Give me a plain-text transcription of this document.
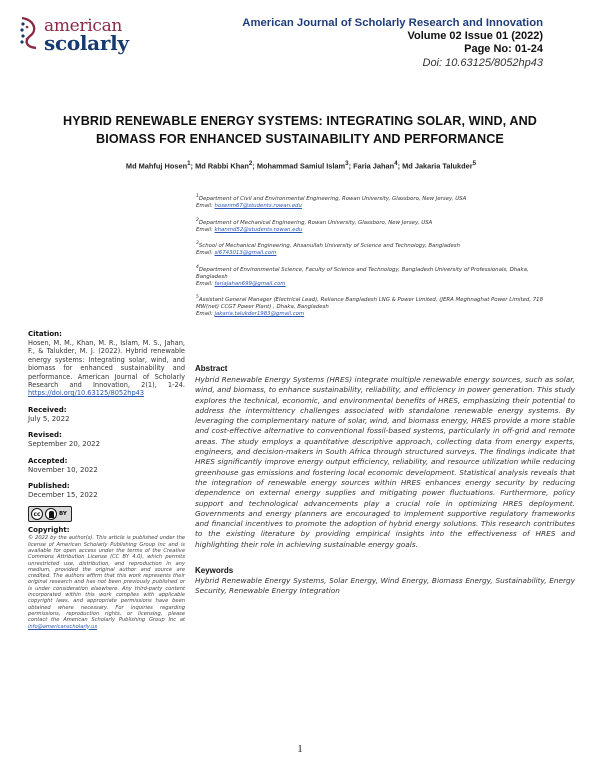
american
scolarly
American Journal of Scholarly Research and Innovation
Volume 02 Issue 01 (2022)
Page No: 01-24
Doi: 10.63125/8052hp43
HYBRID RENEWABLE ENERGY SYSTEMS: INTEGRATING SOLAR, WIND, AND BIOMASS FOR ENHANCED SUSTAINABILITY AND PERFORMANCE
Md Mahfuj Hosen$^1$; Md Rabbi Khan$^2$; Mohammad Samiul Islam$^3$; Faria Jahan$^4$; Md Jakaria Talukder$^5$
$^1$Department of Civil and Environmental Engineering, Rowan University, Glassboro, New Jersey, USA
Email: hosenm67@students.rowan.edu
$^2$Department of Mechanical Engineering, Rowan University, Glassboro, New Jersey, USA
Email: khanmd52@students.rowan.edu
$^3$School of Mechanical Engineering, Ahsanullah University of Science and Technology, Bangladesh
Email: si6743013@gmail.com
$^4$Department of Environmental Science, Faculty of Science and Technology, Bangladesh University of Professionals, Dhaka, Bangladesh
Email: fariajahan699@gmail.com
$^5$Assistant General Manager (Electrical Lead), Reliance Bangladesh LNG & Power Limited, (JERA Meghnaghat Power Limited, 718 MW(net) CCGT Power Plant) , Dhaka, Bangladesh
Email: jakaria.talukder1983@gmail.com
Citation:
Hosen, M. M., Khan, M. R., Islam, M. S., Jahan, F., & Talukder, M. J. (2022). Hybrid renewable energy systems: Integrating solar, wind, and biomass for enhanced sustainability and performance. American Journal of Scholarly Research and Innovation, 2(1), 1-24. https://doi.org/10.63125/8052hp43
Received:
July 5, 2022
Revised:
September 20, 2022
Accepted:
November 10, 2022
Published:
December 15, 2022
cc	BY
Copyright:
© 2022 by the author(s). This article is published under the license of American Scholarly Publishing Group Inc and is available for open access under the terms of the Creative Commons Attribution License (CC BY 4.0), which permits unrestricted use, distribution, and reproduction in any medium, provided the original author and source are credited. The authors affirm that this work represents their original research and has not been previously published or is under consideration elsewhere. Any third-party content incorporated within this work complies with applicable copyright laws, and appropriate permissions have been obtained where necessary. For inquiries regarding permissions, reproduction rights, or licensing, please contact the American Scholarly Publishing Group Inc at info@americanscholarly.us
Abstract
Hybrid Renewable Energy Systems (HRES) integrate multiple renewable energy sources, such as solar, wind, and biomass, to enhance sustainability, reliability, and efficiency in power generation. This study explores the technical, economic, and environmental benefits of HRES, emphasizing their potential to address the intermittency challenges associated with standalone renewable energy systems. By leveraging the complementary nature of solar, wind, and biomass energy, HRES provide a more stable and cost-effective alternative to conventional fossil-based systems, particularly in off-grid and remote areas. The study employs a quantitative descriptive approach, collecting data from energy experts, engineers, and decision-makers in South Africa through structured surveys. The findings indicate that HRES significantly improve energy output efficiency, reliability, and resource utilization while reducing greenhouse gas emissions and fostering local economic development. Statistical analysis reveals that the integration of renewable energy sources within HRES enhances energy security by reducing dependence on external energy supplies and mitigating power fluctuations. Furthermore, policy support and technological advancements play a crucial role in optimizing HRES deployment. Governments and energy planners are encouraged to implement supportive regulatory frameworks and financial incentives to promote the adoption of hybrid energy solutions. This research contributes to the existing literature by providing empirical insights into the effectiveness of HRES and highlighting their role in achieving sustainable energy goals.
Keywords
Hybrid Renewable Energy Systems, Solar Energy, Wind Energy, Biomass Energy, Sustainability, Energy Security, Renewable Energy Integration
1
